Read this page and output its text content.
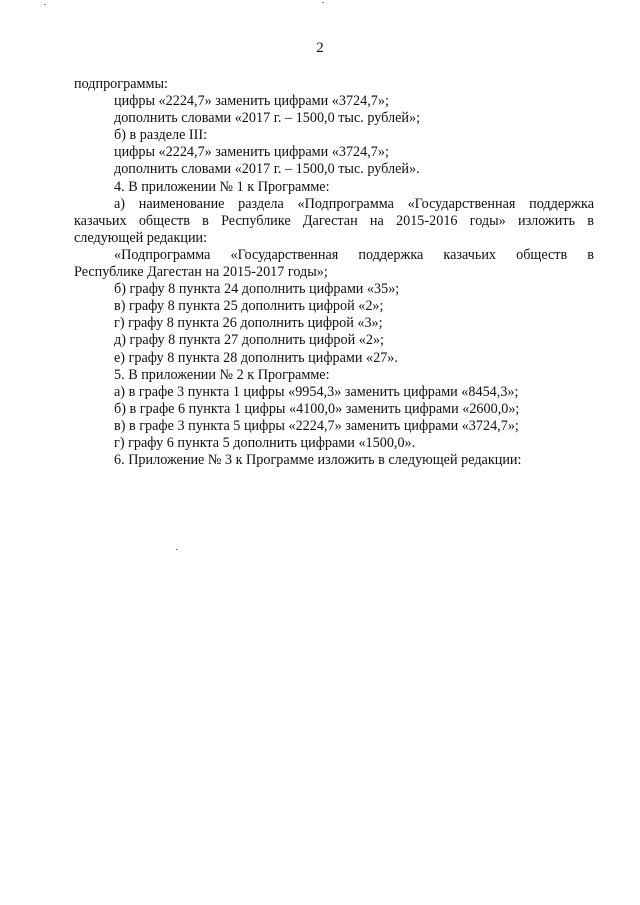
2
подпрограммы:
цифры «2224,7» заменить цифрами «3724,7»;
дополнить словами «2017 г. – 1500,0 тыс. рублей»;
б) в разделе III:
цифры «2224,7» заменить цифрами «3724,7»;
дополнить словами «2017 г. – 1500,0 тыс. рублей».
4. В приложении № 1 к Программе:
а) наименование раздела «Подпрограмма «Государственная поддержка
казачьих обществ в Республике Дагестан на 2015-2016 годы» изложить в
следующей редакции:
«Подпрограмма «Государственная поддержка казачьих обществ в
Республике Дагестан на 2015-2017 годы»;
б) графу 8 пункта 24 дополнить цифрами «35»;
в) графу 8 пункта 25 дополнить цифрой «2»;
г) графу 8 пункта 26 дополнить цифрой «3»;
д) графу 8 пункта 27 дополнить цифрой «2»;
е) графу 8 пункта 28 дополнить цифрами «27».
5. В приложении № 2 к Программе:
а) в графе 3 пункта 1 цифры «9954,3» заменить цифрами «8454,3»;
б) в графе 6 пункта 1 цифры «4100,0» заменить цифрами «2600,0»;
в) в графе 3 пункта 5 цифры «2224,7» заменить цифрами «3724,7»;
г) графу 6 пункта 5 дополнить цифрами «1500,0».
6. Приложение № 3 к Программе изложить в следующей редакции:
